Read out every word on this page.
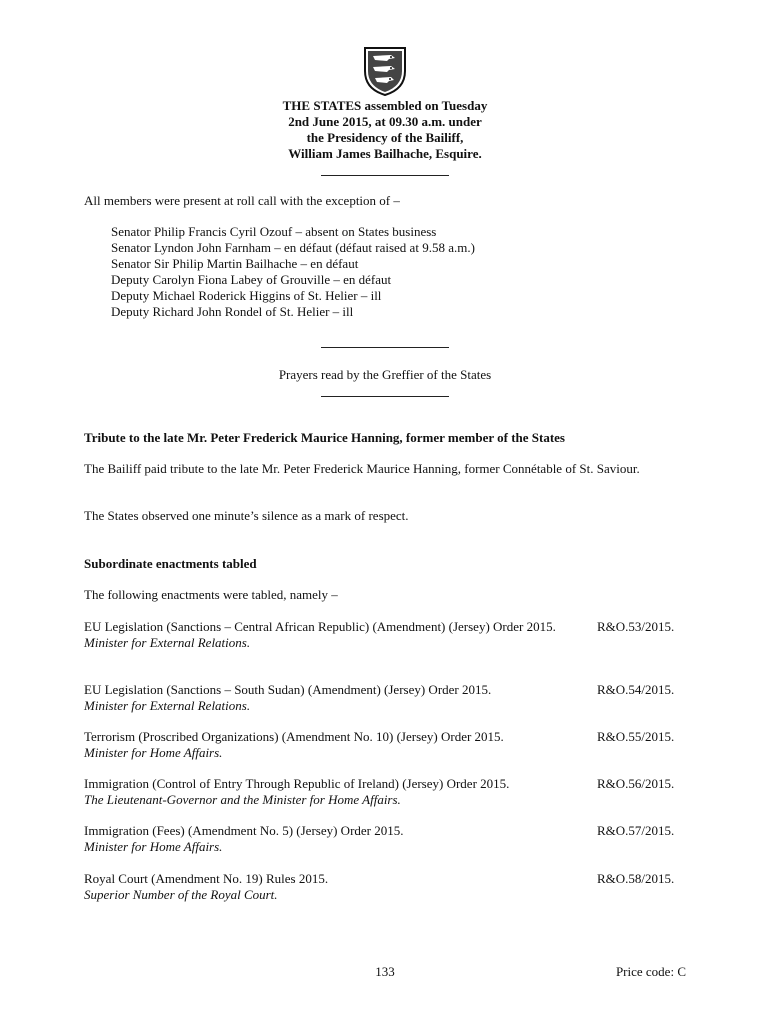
THE STATES assembled on Tuesday
2nd June 2015, at 09.30 a.m. under
the Presidency of the Bailiff,
William James Bailhache, Esquire.
All members were present at roll call with the exception of –
Senator Philip Francis Cyril Ozouf – absent on States business
Senator Lyndon John Farnham – en défaut (défaut raised at 9.58 a.m.)
Senator Sir Philip Martin Bailhache – en défaut
Deputy Carolyn Fiona Labey of Grouville – en défaut
Deputy Michael Roderick Higgins of St. Helier – ill
Deputy Richard John Rondel of St. Helier – ill
Prayers read by the Greffier of the States
Tribute to the late Mr. Peter Frederick Maurice Hanning, former member of the States
The Bailiff paid tribute to the late Mr. Peter Frederick Maurice Hanning, former Connétable of St. Saviour.
The States observed one minute’s silence as a mark of respect.
Subordinate enactments tabled
The following enactments were tabled, namely –
EU Legislation (Sanctions – Central African Republic) (Amendment) (Jersey) Order 2015.
Minister for External Relations.
R&O.53/2015.
EU Legislation (Sanctions – South Sudan) (Amendment) (Jersey) Order 2015.
Minister for External Relations.
R&O.54/2015.
Terrorism (Proscribed Organizations) (Amendment No. 10) (Jersey) Order 2015.
Minister for Home Affairs.
R&O.55/2015.
Immigration (Control of Entry Through Republic of Ireland) (Jersey) Order 2015.
The Lieutenant-Governor and the Minister for Home Affairs.
R&O.56/2015.
Immigration (Fees) (Amendment No. 5) (Jersey) Order 2015.
Minister for Home Affairs.
R&O.57/2015.
Royal Court (Amendment No. 19) Rules 2015.
Superior Number of the Royal Court.
R&O.58/2015.
133	Price code: C
